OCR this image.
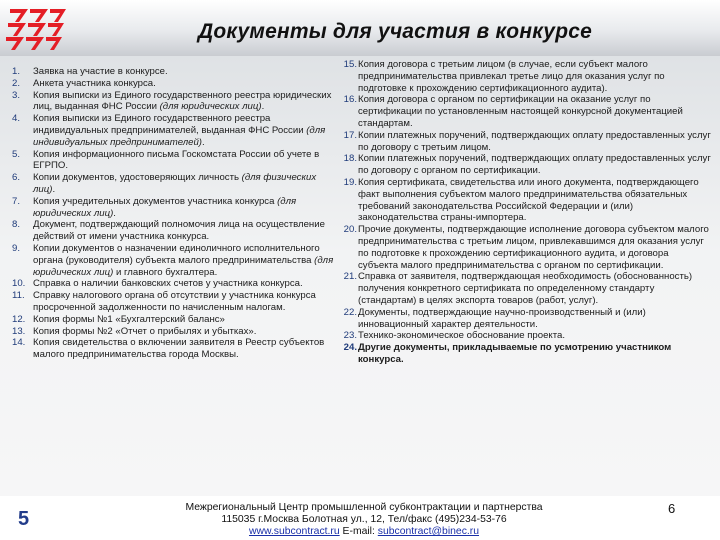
Документы для участия в конкурсе
1.	Заявка на участие в конкурсе.
2.	Анкета участника конкурса.
3.	Копия выписки из Единого государственного реестра юридических лиц, выданная ФНС России (для юридических лиц).
4.	Копия выписки из Единого государственного реестра индивидуальных предпринимателей, выданная ФНС России (для индивидуальных предпринимателей).
5.	Копия информационного письма Госкомстата России об учете в ЕГРПО.
6.	Копии документов, удостоверяющих личность (для физических лиц).
7.	Копия учредительных документов участника конкурса (для юридических лиц).
8.	Документ, подтверждающий полномочия лица на осуществление действий от имени участника конкурса.
9.	Копии документов о назначении единоличного исполнительного органа (руководителя) субъекта малого предпринимательства (для юридических лиц) и главного бухгалтера.
10. Справка о наличии банковских счетов у участника конкурса.
11. Справку налогового органа об отсутствии у участника конкурса просроченной задолженности по начисленным налогам.
12. Копия формы №1 «Бухгалтерский баланс»
13. Копия формы №2 «Отчет о прибылях и убытках».
14. Копия свидетельства о включении заявителя в Реестр субъектов малого предпринимательства города Москвы.
15. Копия договора с третьим лицом (в случае, если субъект малого предпринимательства привлекал третье лицо для оказания услуг по подготовке к прохождению сертификационного аудита).
16. Копия договора с органом по сертификации на оказание услуг по сертификации по установленным настоящей конкурсной документацией стандартам.
17. Копии платежных поручений, подтверждающих оплату предоставленных услуг по договору с третьим лицом.
18. Копии платежных поручений, подтверждающих оплату предоставленных услуг по договору с органом по сертификации.
19. Копия сертификата, свидетельства или иного документа, подтверждающего факт выполнения субъектом малого предпринимательства обязательных требований законодательства Российской Федерации и (или) законодательства страны-импортера.
20. Прочие документы, подтверждающие исполнение договора субъектом малого предпринимательства с третьим лицом, привлекавшимся для оказания услуг по подготовке к прохождению сертификационного аудита, и договора субъекта малого предпринимательства с органом по сертификации.
21. Справка от заявителя, подтверждающая необходимость (обоснованность) получения конкретного сертификата по определенному стандарту (стандартам) в целях экспорта товаров (работ, услуг).
22. Документы, подтверждающие научно-производственный и (или) инновационный характер деятельности.
23. Технико-экономическое обоснование проекта.
24. Другие документы, прикладываемые по усмотрению участником конкурса.
5
Межрегиональный Центр промышленной субконтрактации и партнерства
115035 г.Москва Болотная ул., 12, Тел/факс (495)234-53-76
www.subcontract.ru E-mail: subcontract@binec.ru
6
